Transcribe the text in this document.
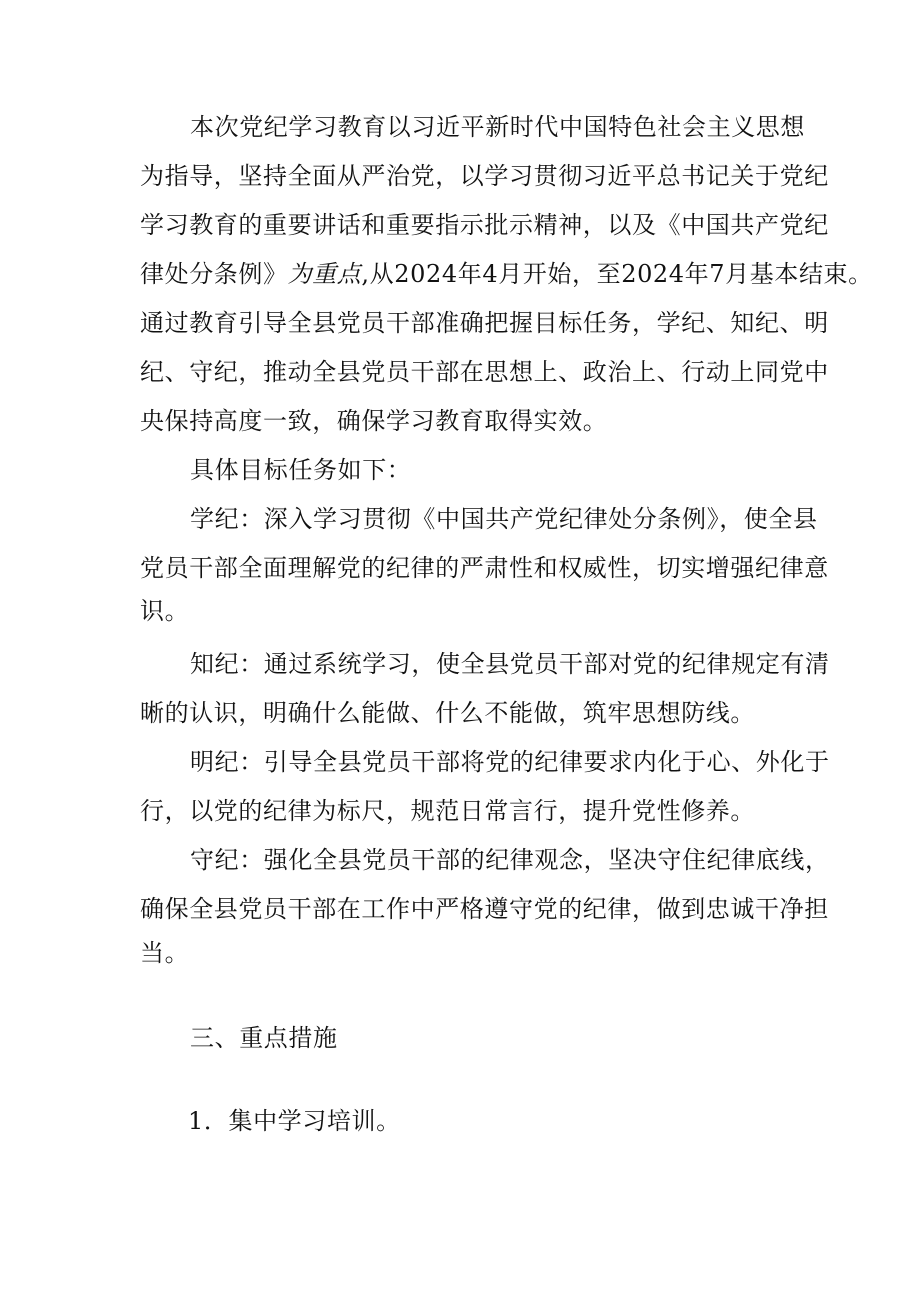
本次党纪学习教育以习近平新时代中国特色社会主义思想

为指导，坚持全面从严治党，以学习贯彻习近平总书记关于党纪

学习教育的重要讲话和重要指示批示精神，以及《中国共产党纪

律处分条例》为重点,从2024年4月开始，至2024年7月基本结束。

通过教育引导全县党员干部准确把握目标任务，学纪、知纪、明

纪、守纪，推动全县党员干部在思想上、政治上、行动上同党中

央保持高度一致，确保学习教育取得实效。

具体目标任务如下：

学纪：深入学习贯彻《中国共产党纪律处分条例》，使全县

党员干部全面理解党的纪律的严肃性和权威性，切实增强纪律意

识。

知纪：通过系统学习，使全县党员干部对党的纪律规定有清

晰的认识，明确什么能做、什么不能做，筑牢思想防线。

明纪：引导全县党员干部将党的纪律要求内化于心、外化于

行，以党的纪律为标尺，规范日常言行，提升党性修养。

守纪：强化全县党员干部的纪律观念，坚决守住纪律底线，

确保全县党员干部在工作中严格遵守党的纪律，做到忠诚干净担

当。

三、重点措施

1．集中学习培训。
